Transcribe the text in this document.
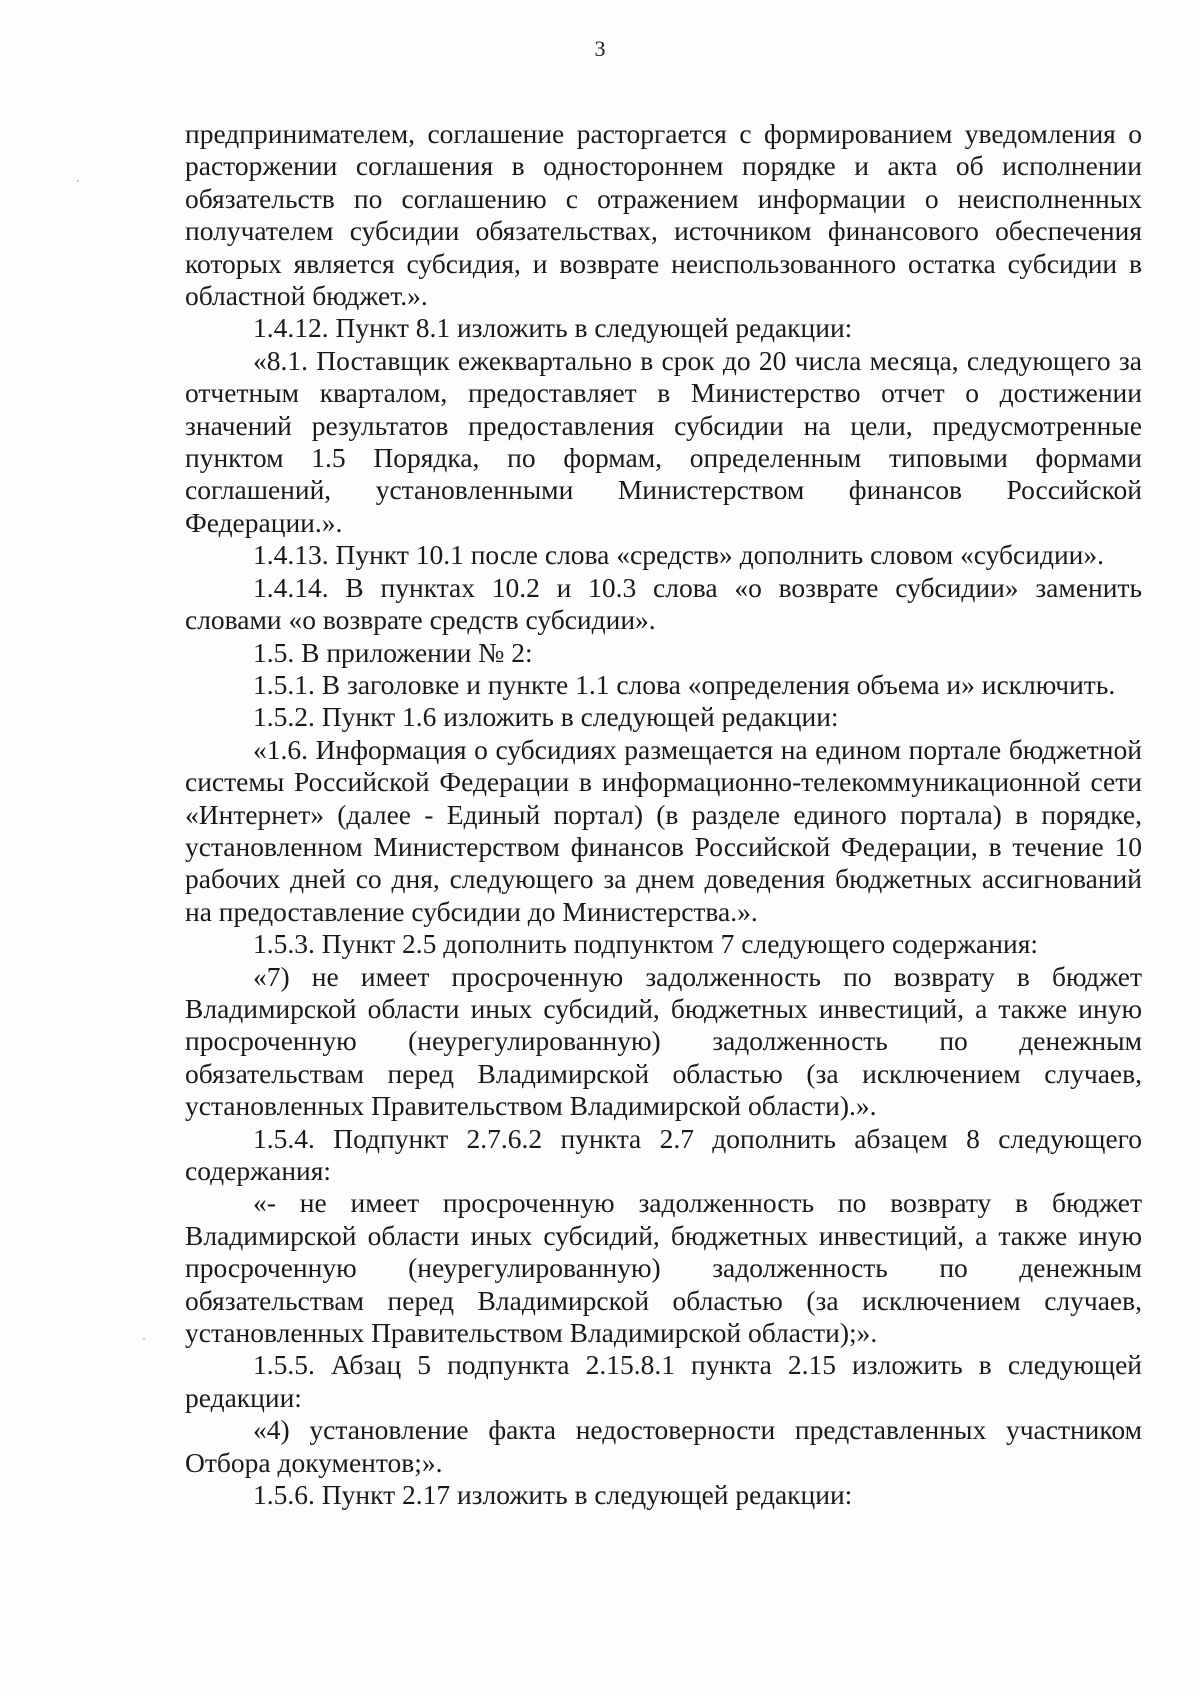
3

предпринимателем, соглашение расторгается с формированием уведомления о расторжении соглашения в одностороннем порядке и акта об исполнении обязательств по соглашению с отражением информации о неисполненных получателем субсидии обязательствах, источником финансового обеспечения которых является субсидия, и возврате неиспользованного остатка субсидии в областной бюджет.».

1.4.12. Пункт 8.1 изложить в следующей редакции:

«8.1. Поставщик ежеквартально в срок до 20 числа месяца, следующего за отчетным кварталом, предоставляет в Министерство отчет о достижении значений результатов предоставления субсидии на цели, предусмотренные пунктом 1.5 Порядка, по формам, определенным типовыми формами соглашений, установленными Министерством финансов Российской Федерации.».

1.4.13. Пункт 10.1 после слова «средств» дополнить словом «субсидии».

1.4.14. В пунктах 10.2 и 10.3 слова «о возврате субсидии» заменить словами «о возврате средств субсидии».

1.5. В приложении № 2:

1.5.1. В заголовке и пункте 1.1 слова «определения объема и» исключить.

1.5.2. Пункт 1.6 изложить в следующей редакции:

«1.6. Информация о субсидиях размещается на едином портале бюджетной системы Российской Федерации в информационно-телекоммуникационной сети «Интернет» (далее - Единый портал) (в разделе единого портала) в порядке, установленном Министерством финансов Российской Федерации, в течение 10 рабочих дней со дня, следующего за днем доведения бюджетных ассигнований на предоставление субсидии до Министерства.».

1.5.3. Пункт 2.5 дополнить подпунктом 7 следующего содержания:

«7) не имеет просроченную задолженность по возврату в бюджет Владимирской области иных субсидий, бюджетных инвестиций, а также иную просроченную (неурегулированную) задолженность по денежным обязательствам перед Владимирской областью (за исключением случаев, установленных Правительством Владимирской области).».

1.5.4. Подпункт 2.7.6.2 пункта 2.7 дополнить абзацем 8 следующего содержания:

«- не имеет просроченную задолженность по возврату в бюджет Владимирской области иных субсидий, бюджетных инвестиций, а также иную просроченную (неурегулированную) задолженность по денежным обязательствам перед Владимирской областью (за исключением случаев, установленных Правительством Владимирской области);».

1.5.5. Абзац 5 подпункта 2.15.8.1 пункта 2.15 изложить в следующей редакции:

«4) установление факта недостоверности представленных участником Отбора документов;».

1.5.6. Пункт 2.17 изложить в следующей редакции:
